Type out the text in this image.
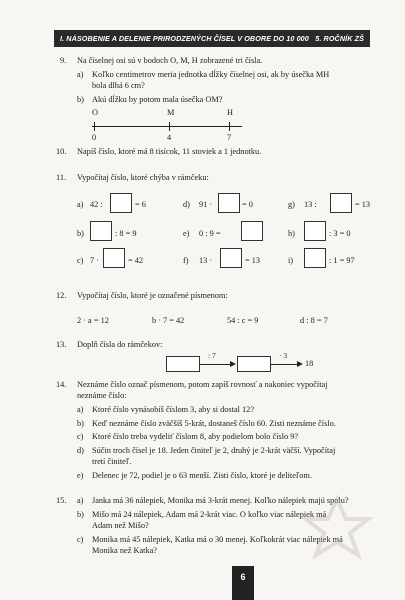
I. NÁSOBENIE A DELENIE PRIRODZENÝCH ČÍSEL V OBORE DO 10 000 5. ROČNÍK ZŠ
9. Na číselnej osi sú v bodoch O, M, H zobrazené tri čísla.
a) Koľko centimetrov meria jednotka dĺžky číselnej osi, ak by úsečka MH
bola dlhá 6 cm?
b) Akú dĺžku by potom mala úsečka OM?
O	M	H
0	4	7
10. Napíš číslo, ktoré má 8 tisícok, 11 stoviek a 1 jednotku.
11. Vypočítaj číslo, ktoré chýba v rámčeku:
a) 42 :	= 6	d) 91 ·	= 0	g) 13 :	= 13
b)	: 8 = 9	e) 0 : 9 =	h)	: 3 = 0
c) 7 ·	= 42	f) 13 ·	= 13	i)	: 1 = 97
12. Vypočítaj číslo, ktoré je označené písmenom:
2 · a = 12	b · 7 = 42	54 : c = 9	d : 8 = 7
13. Doplň čísla do rámčekov:
: 7	· 3
18
14. Neznáme číslo označ písmenom, potom zapíš rovnosť a nakoniec vypočítaj
neznáme číslo:
a) Ktoré číslo vynásobíš číslom 3, aby si dostal 12?
b) Keď neznáme číslo zväčšíš 5-krát, dostaneš číslo 60. Zisti neznáme číslo.
c) Ktoré číslo treba vydeliť číslom 8, aby podielom bolo číslo 9?
d) Súčin troch čísel je 18. Jeden činiteľ je 2, druhý je 2-krát väčší. Vypočítaj
tretí činiteľ.
e) Delenec je 72, podiel je o 63 menší. Zisti číslo, ktoré je deliteľom.
15. a) Janka má 36 nálepiek, Monika má 3-krát menej. Koľko nálepiek majú spolu?
b) Mišo má 24 nálepiek, Adam má 2-krát viac. O koľko viac nálepiek má
Adam než Mišo?
c) Monika má 45 nálepiek, Katka má o 30 menej. Koľkokrát viac nálepiek má
Monika než Katka?
6
